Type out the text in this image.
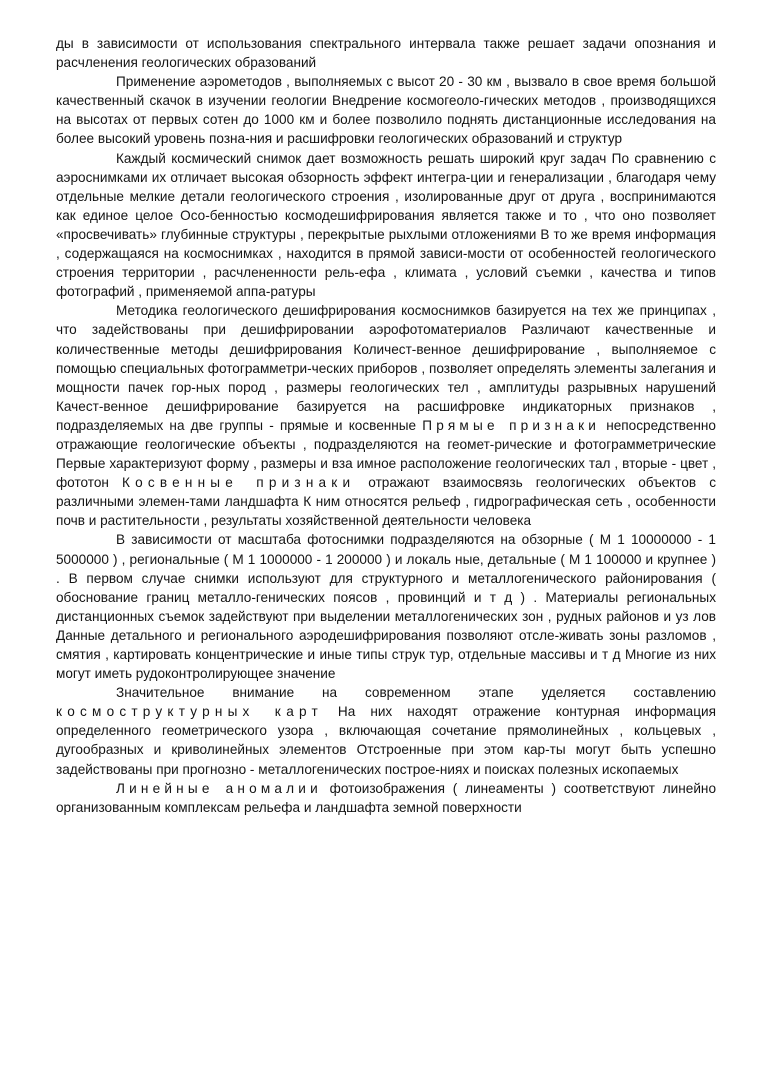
ды в зависимости от использования спектрального интервала также решает задачи опознания и расчленения геологических образований

Применение аэрометодов , выполняемых с высот 20 - 30 км , вызвало в свое время большой качественный скачок в изучении геологии Внедрение космогеоло-гических методов , производящихся на высотах от первых сотен до 1000 км и более позволило поднять дистанционные исследования на более высокий уровень позна-ния и расшифровки геологических образований и структур

Каждый космический снимок дает возможность решать широкий круг задач По сравнению с аэроснимками их отличает высокая обзорность эффект интегра-ции и генерализации , благодаря чему отдельные мелкие детали геологического строения , изолированные друг от друга , воспринимаются как единое целое Осо-бенностью космодешифрирования является также и то , что оно позволяет «просвечивать» глубинные структуры , перекрытые рыхлыми отложениями В то же время информация , содержащаяся на космоснимках , находится в прямой зависи-мости от особенностей геологического строения территории , расчлененности рель-ефа , климата , условий съемки , качества и типов фотографий , применяемой аппа-ратуры

Методика геологического дешифрирования космоснимков базируется на тех же принципах , что задействованы при дешифрировании аэрофотоматериалов Различают качественные и количественные методы дешифрирования Количест-венное дешифрирование , выполняемое с помощью специальных фотограмметри-ческих приборов , позволяет определять элементы залегания и мощности пачек гор-ных пород , размеры геологических тел , амплитуды разрывных нарушений Качест-венное дешифрирование базируется на расшифровке индикаторных признаков , подразделяемых на две группы - прямые и косвенные Прямые признаки непосредственно отражающие геологические объекты , подразделяются на геомет-рические и фотограмметрические Первые характеризуют форму , размеры и вза имное расположение геологических тал , вторые - цвет , фототон Косвенные признаки отражают взаимосвязь геологических объектов с различными элемен-тами ландшафта К ним относятся рельеф , гидрографическая сеть , особенности почв и растительности , результаты хозяйственной деятельности человека

В зависимости от масштаба фотоснимки подразделяются на обзорные ( М 1 10000000 - 1 5000000 ) , региональные ( М 1 1000000 - 1 200000 ) и локаль ные, детальные ( М 1 100000 и крупнее ) . В первом случае снимки используют для структурного и металлогенического районирования ( обоснование границ металло-генических поясов , провинций и т д ) . Материалы региональных дистанционных съемок задействуют при выделении металлогенических зон , рудных районов и уз лов Данные детального и регионального аэродешифрирования позволяют отсле-живать зоны разломов , смятия , картировать концентрические и иные типы струк тур, отдельные массивы и т д Многие из них могут иметь рудоконтролирующее значение

Значительное внимание на современном этапе уделяется составлению космоструктурных карт На них находят отражение контурная информация определенного геометрического узора , включающая сочетание прямолинейных , кольцевых , дугообразных и криволинейных элементов Отстроенные при этом кар-ты могут быть успешно задействованы при прогнозно - металлогенических построе-ниях и поисках полезных ископаемых

Линейные аномалии фотоизображения ( линеаменты ) соответствуют линейно организованным комплексам рельефа и ландшафта земной поверхности
